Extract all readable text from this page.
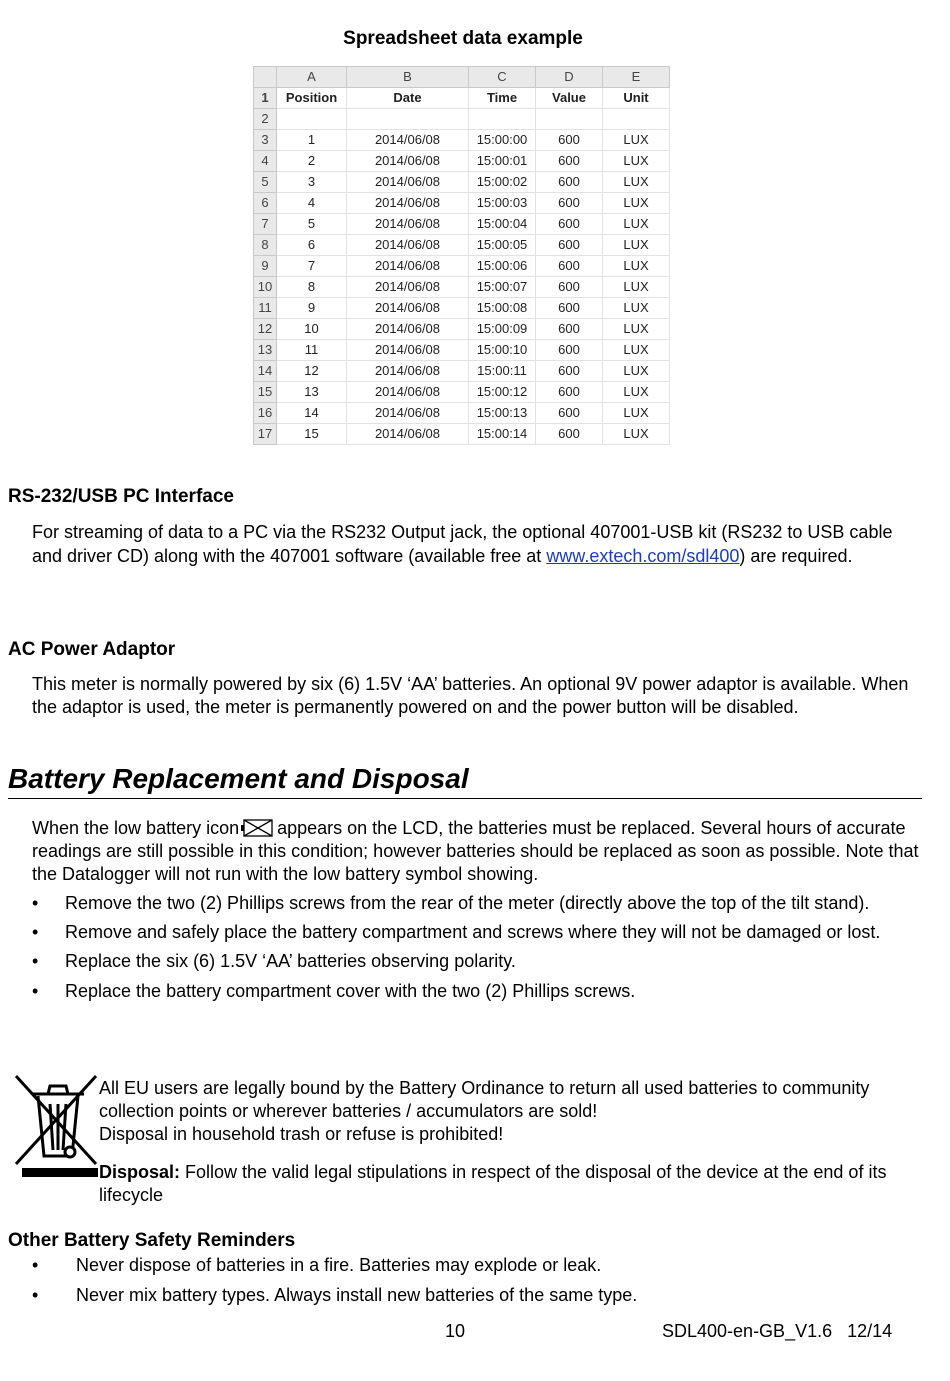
Spreadsheet data example
	A	B	C	D	E
1	Position	Date	Time	Value	Unit
2					
3	1	2014/06/08	15:00:00	600	LUX
4	2	2014/06/08	15:00:01	600	LUX
5	3	2014/06/08	15:00:02	600	LUX
6	4	2014/06/08	15:00:03	600	LUX
7	5	2014/06/08	15:00:04	600	LUX
8	6	2014/06/08	15:00:05	600	LUX
9	7	2014/06/08	15:00:06	600	LUX
10	8	2014/06/08	15:00:07	600	LUX
11	9	2014/06/08	15:00:08	600	LUX
12	10	2014/06/08	15:00:09	600	LUX
13	11	2014/06/08	15:00:10	600	LUX
14	12	2014/06/08	15:00:11	600	LUX
15	13	2014/06/08	15:00:12	600	LUX
16	14	2014/06/08	15:00:13	600	LUX
17	15	2014/06/08	15:00:14	600	LUX
RS-232/USB PC Interface

For streaming of data to a PC via the RS232 Output jack, the optional 407001-USB kit (RS232 to USB cable and driver CD) along with the 407001 software (available free at www.extech.com/sdl400) are required.

AC Power Adaptor

This meter is normally powered by six (6) 1.5V ‘AA’ batteries. An optional 9V power adaptor is available. When the adaptor is used, the meter is permanently powered on and the power button will be disabled.

Battery Replacement and Disposal

When the low battery icon appears on the LCD, the batteries must be replaced. Several hours of accurate readings are still possible in this condition; however batteries should be replaced as soon as possible. Note that the Datalogger will not run with the low battery symbol showing.

• Remove the two (2) Phillips screws from the rear of the meter (directly above the top of the tilt stand).
• Remove and safely place the battery compartment and screws where they will not be damaged or lost.
• Replace the six (6) 1.5V ‘AA’ batteries observing polarity.
• Replace the battery compartment cover with the two (2) Phillips screws.

All EU users are legally bound by the Battery Ordinance to return all used batteries to community collection points or wherever batteries / accumulators are sold!
Disposal in household trash or refuse is prohibited!

Disposal: Follow the valid legal stipulations in respect of the disposal of the device at the end of its lifecycle

Other Battery Safety Reminders
• Never dispose of batteries in a fire. Batteries may explode or leak.
• Never mix battery types. Always install new batteries of the same type.
10	SDL400-en-GB_V1.6   12/14
